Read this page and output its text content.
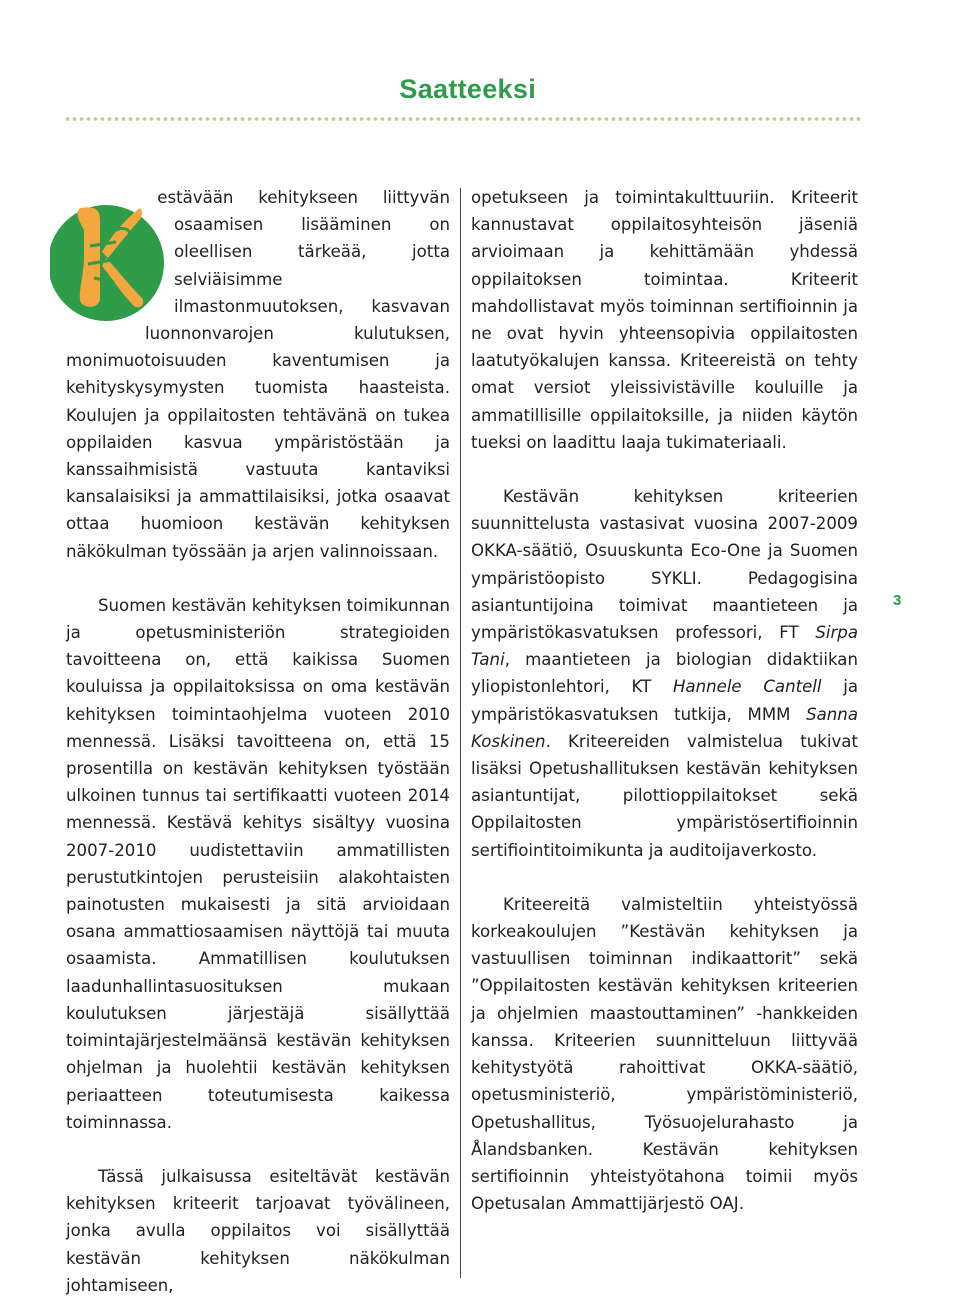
Saatteeksi

estävään kehitykseen liittyvän osaamisen lisääminen on oleellisen tärkeää, jotta selviäisimme ilmastonmuutoksen, kasvavan luonnonvarojen kulutuksen, monimuotoisuuden kaventumisen ja kehityskysymysten tuomista haasteista. Koulujen ja oppilaitosten tehtävänä on tukea oppilaiden kasvua ympäristöstään ja kanssaihmisistä vastuuta kantaviksi kansalaisiksi ja ammattilaisiksi, jotka osaavat ottaa huomioon kestävän kehityksen näkökulman työssään ja arjen valinnoissaan.

Suomen kestävän kehityksen toimikunnan ja opetusministeriön strategioiden tavoitteena on, että kaikissa Suomen kouluissa ja oppilaitoksissa on oma kestävän kehityksen toimintaohjelma vuoteen 2010 mennessä. Lisäksi tavoitteena on, että 15 prosentilla on kestävän kehityksen työstään ulkoinen tunnus tai sertifikaatti vuoteen 2014 mennessä. Kestävä kehitys sisältyy vuosina 2007-2010 uudistettaviin ammatillisten perustutkintojen perusteisiin alakohtaisten painotusten mukaisesti ja sitä arvioidaan osana ammattiosaamisen näyttöjä tai muuta osaamista. Ammatillisen koulutuksen laadunhallintasuosituksen mukaan koulutuksen järjestäjä sisällyttää toimintajärjestelmäänsä kestävän kehityksen ohjelman ja huolehtii kestävän kehityksen periaatteen toteutumisesta kaikessa toiminnassa.

Tässä julkaisussa esiteltävät kestävän kehityksen kriteerit tarjoavat työvälineen, jonka avulla oppilaitos voi sisällyttää kestävän kehityksen näkökulman johtamiseen,

opetukseen ja toimintakulttuuriin. Kriteerit kannustavat oppilaitosyhteisön jäseniä arvioimaan ja kehittämään yhdessä oppilaitoksen toimintaa. Kriteerit mahdollistavat myös toiminnan sertifioinnin ja ne ovat hyvin yhteensopivia oppilaitosten laatutyökalujen kanssa. Kriteereistä on tehty omat versiot yleissivistäville kouluille ja ammatillisille oppilaitoksille, ja niiden käytön tueksi on laadittu laaja tukimateriaali.

Kestävän kehityksen kriteerien suunnittelusta vastasivat vuosina 2007-2009 OKKA-säätiö, Osuuskunta Eco-One ja Suomen ympäristöopisto SYKLI. Pedagogisina asiantuntijoina toimivat maantieteen ja ympäristökasvatuksen professori, FT Sirpa Tani, maantieteen ja biologian didaktiikan yliopistonlehtori, KT Hannele Cantell ja ympäristökasvatuksen tutkija, MMM Sanna Koskinen. Kriteereiden valmistelua tukivat lisäksi Opetushallituksen kestävän kehityksen asiantuntijat, pilottioppilaitokset sekä Oppilaitosten ympäristösertifioinnin sertifiointitoimikunta ja auditoijaverkosto.

Kriteereitä valmisteltiin yhteistyössä korkeakoulujen ”Kestävän kehityksen ja vastuullisen toiminnan indikaattorit” sekä ”Oppilaitosten kestävän kehityksen kriteerien ja ohjelmien maastouttaminen” -hankkeiden kanssa. Kriteerien suunnitteluun liittyvää kehitystyötä rahoittivat OKKA-säätiö, opetusministeriö, ympäristöministeriö, Opetushallitus, Työsuojelurahasto ja Ålandsbanken. Kestävän kehityksen sertifioinnin yhteistyötahona toimii myös Opetusalan Ammattijärjestö OAJ.

3
